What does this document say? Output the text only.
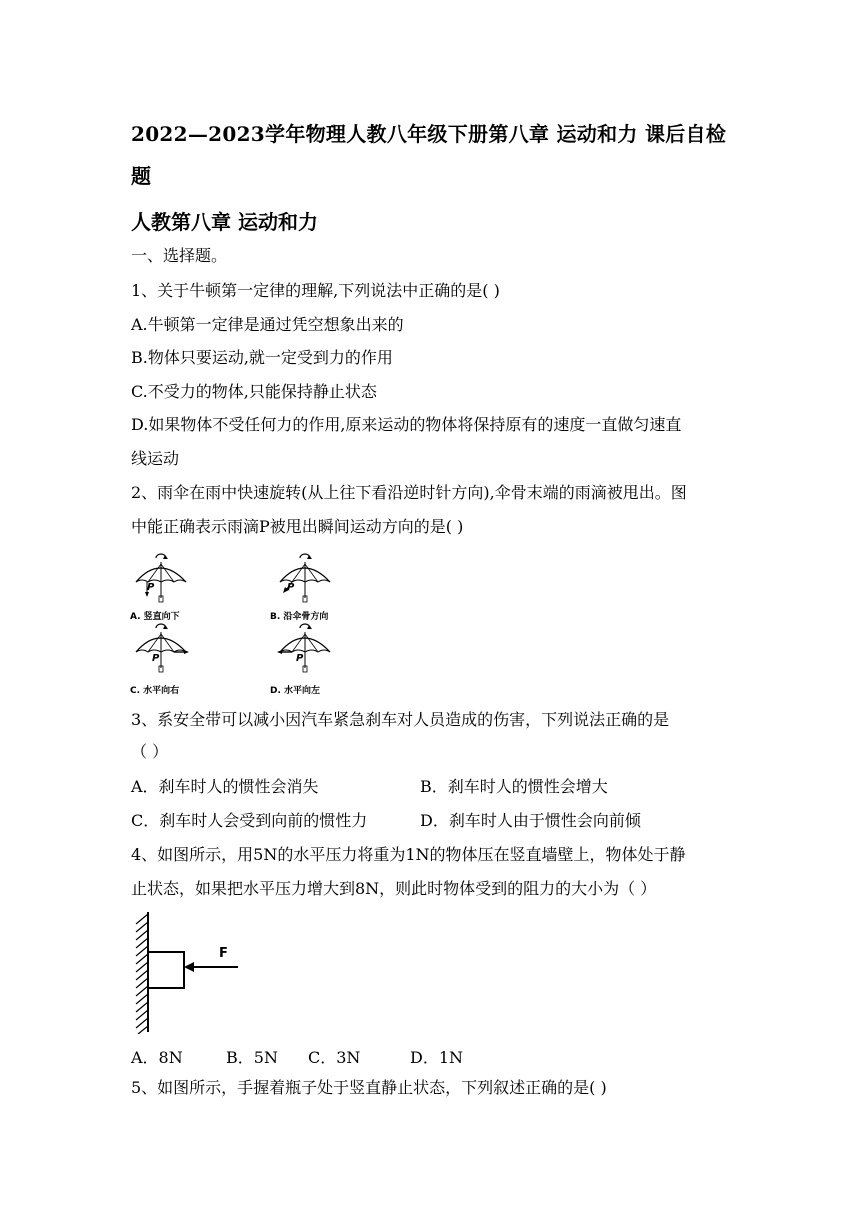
2022—2023学年物理人教八年级下册第八章 运动和力 课后自检
题
人教第八章 运动和力
一、选择题。
1、关于牛顿第一定律的理解,下列说法中正确的是( )
A.牛顿第一定律是通过凭空想象出来的
B.物体只要运动,就一定受到力的作用
C.不受力的物体,只能保持静止状态
D.如果物体不受任何力的作用,原来运动的物体将保持原有的速度一直做匀速直
线运动
2、雨伞在雨中快速旋转(从上往下看沿逆时针方向),伞骨末端的雨滴被甩出。图
中能正确表示雨滴P被甩出瞬间运动方向的是( )
P
A. 竖直向下
P
B. 沿伞骨方向
P
C. 水平向右
P
D. 水平向左
3、系安全带可以减小因汽车紧急刹车对人员造成的伤害，下列说法正确的是
（ ）
A．刹车时人的惯性会消失	B．刹车时人的惯性会增大
C．刹车时人会受到向前的惯性力	D．刹车时人由于惯性会向前倾
4、如图所示，用5N的水平压力将重为1N的物体压在竖直墙壁上，物体处于静
止状态，如果把水平压力增大到8N，则此时物体受到的阻力的大小为（ ）
F
A．8N	B．5N C．3N	D．1N
5、如图所示，手握着瓶子处于竖直静止状态，下列叙述正确的是( )
